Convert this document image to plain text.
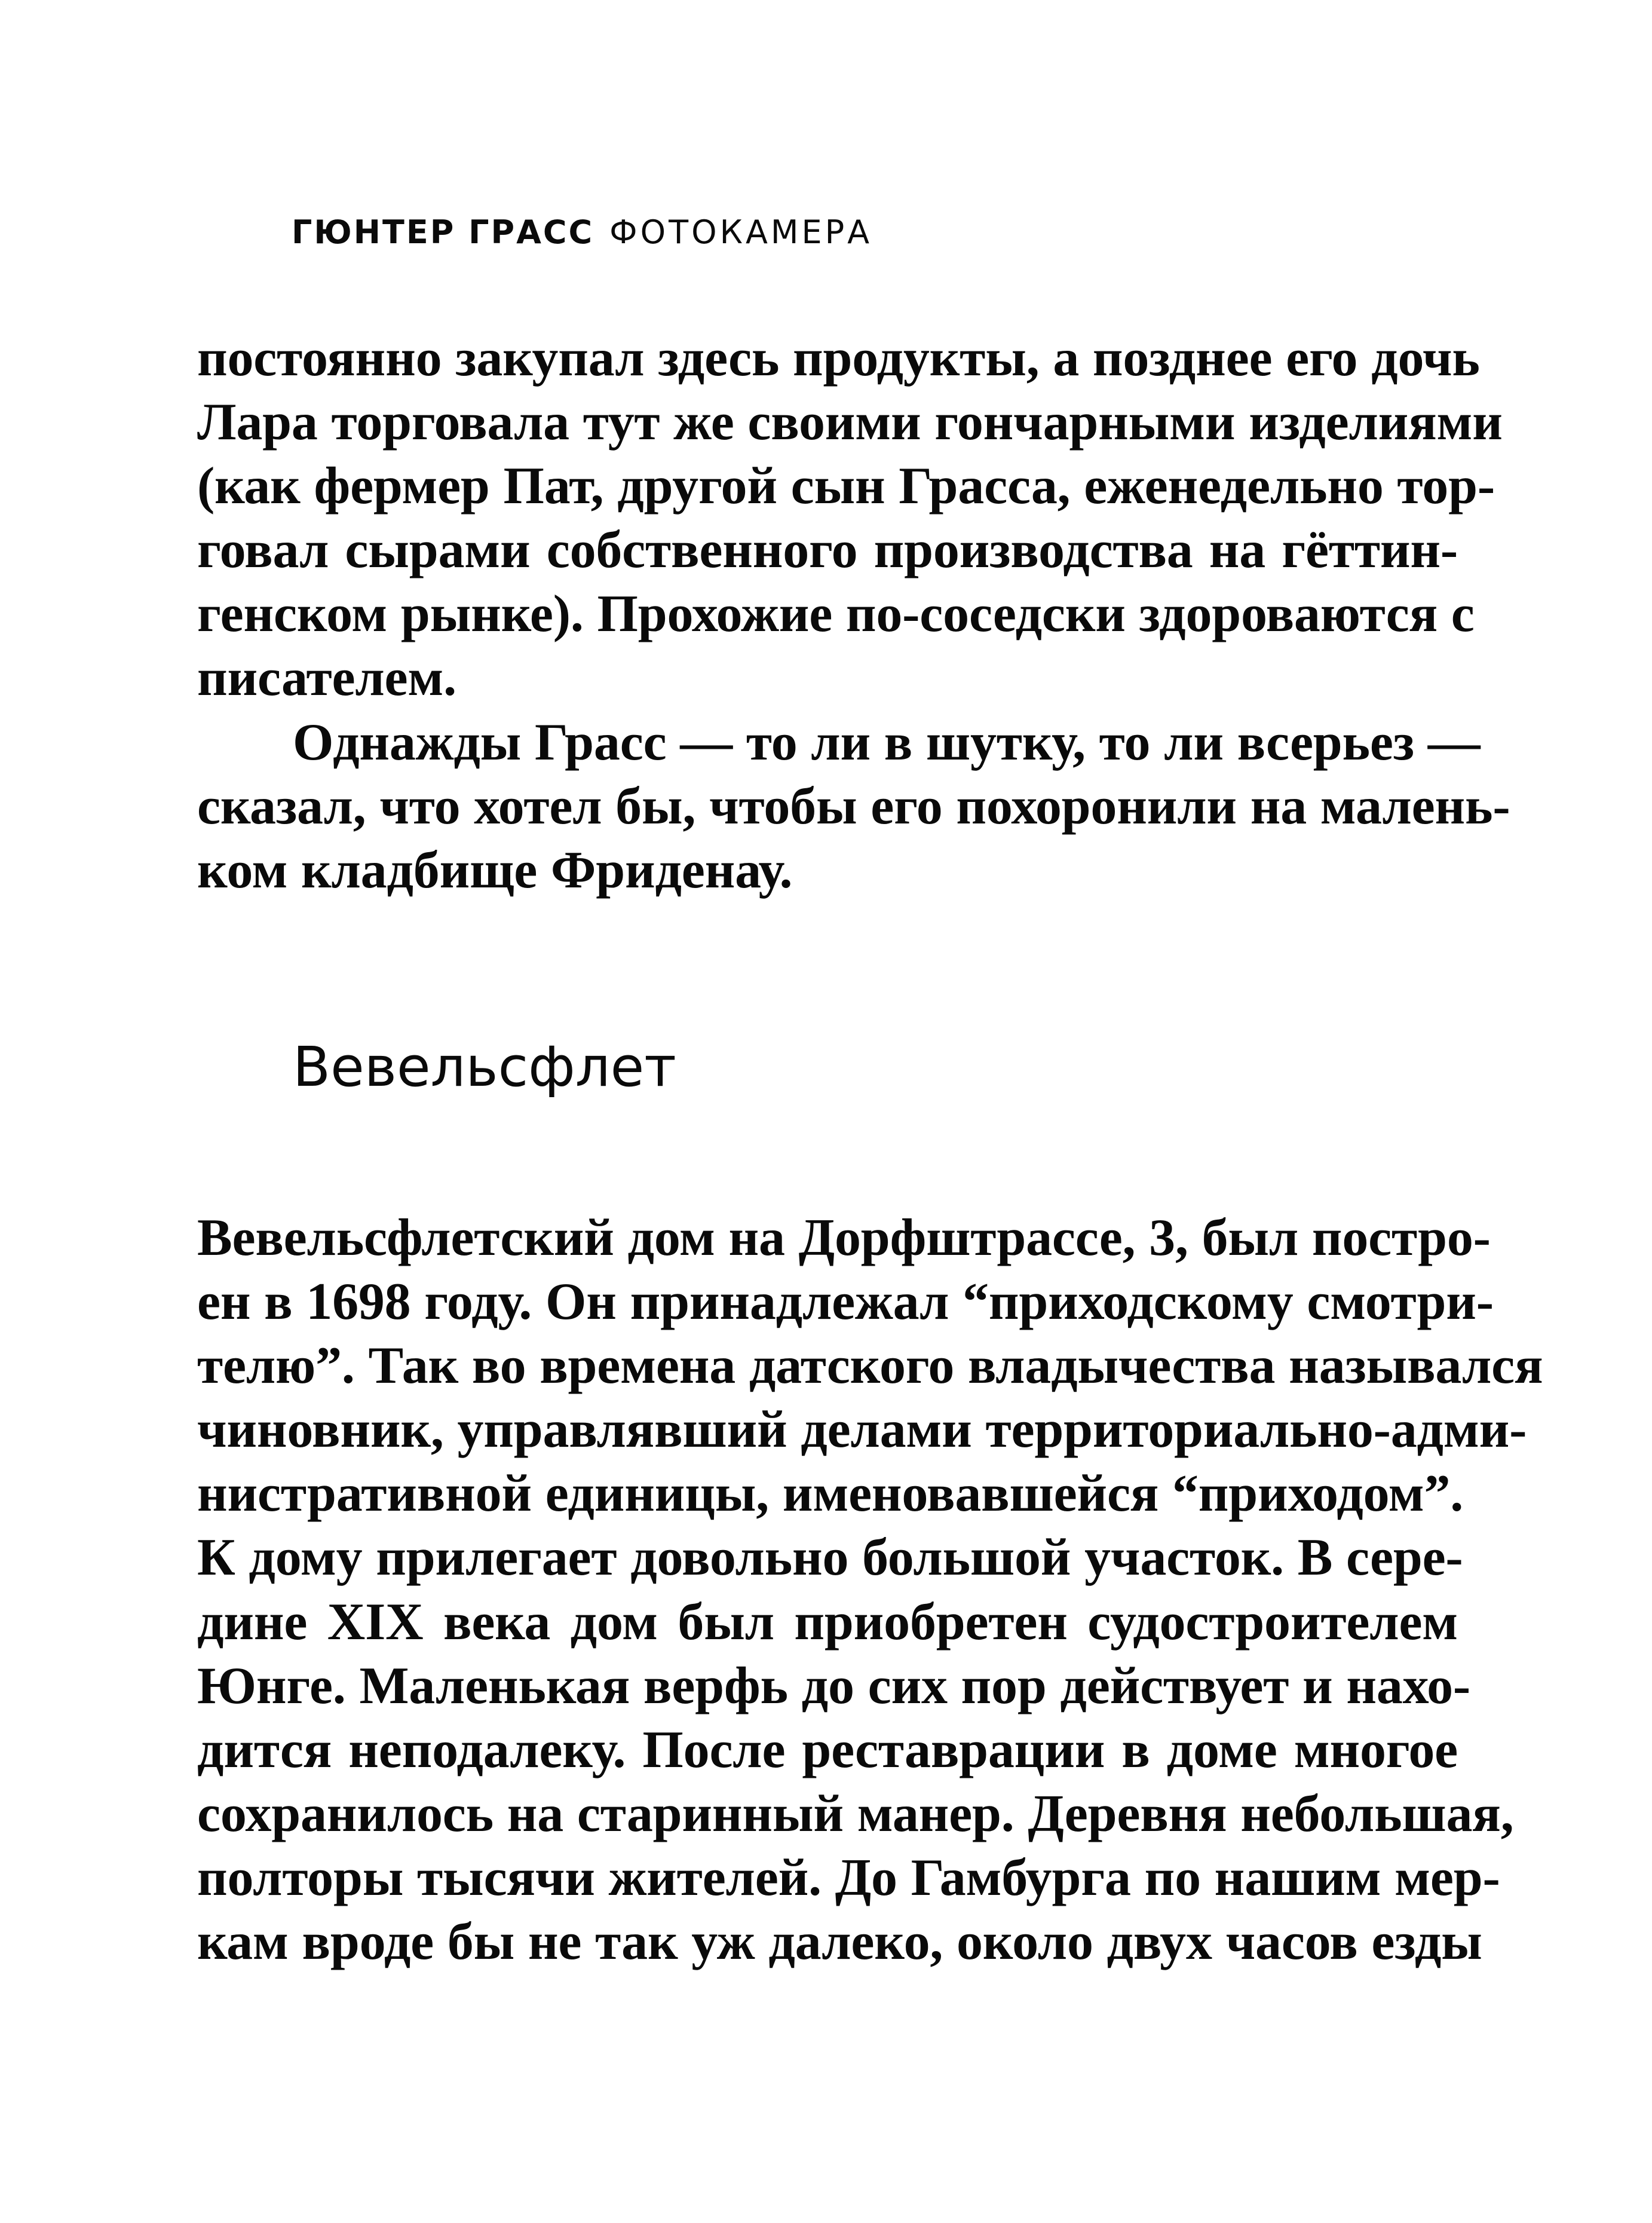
ГЮНТЕР ГРАСС ФОТОКАМЕРА

постоянно закупал здесь продукты, а позднее его дочь
Лара торговала тут же своими гончарными изделиями
(как фермер Пат, другой сын Грасса, еженедельно тор-
говал сырами собственного производства на гёттин-
генском рынке). Прохожие по-соседски здороваются с
писателем.

Однажды Грасс — то ли в шутку, то ли всерьез —
сказал, что хотел бы, чтобы его похоронили на малень-
ком кладбище Фриденау.

Вевельсфлет

Вевельсфлетский дом на Дорфштрассе, 3, был постро-
ен в 1698 году. Он принадлежал “приходскому смотри-
телю”. Так во времена датского владычества назывался
чиновник, управлявший делами территориально-адми-
нистративной единицы, именовавшейся “приходом”.
К дому прилегает довольно большой участок. В сере-
дине XIX века дом был приобретен судостроителем
Юнге. Маленькая верфь до сих пор действует и нахо-
дится неподалеку. После реставрации в доме многое
сохранилось на старинный манер. Деревня небольшая,
полторы тысячи жителей. До Гамбурга по нашим мер-
кам вроде бы не так уж далеко, около двух часов езды
